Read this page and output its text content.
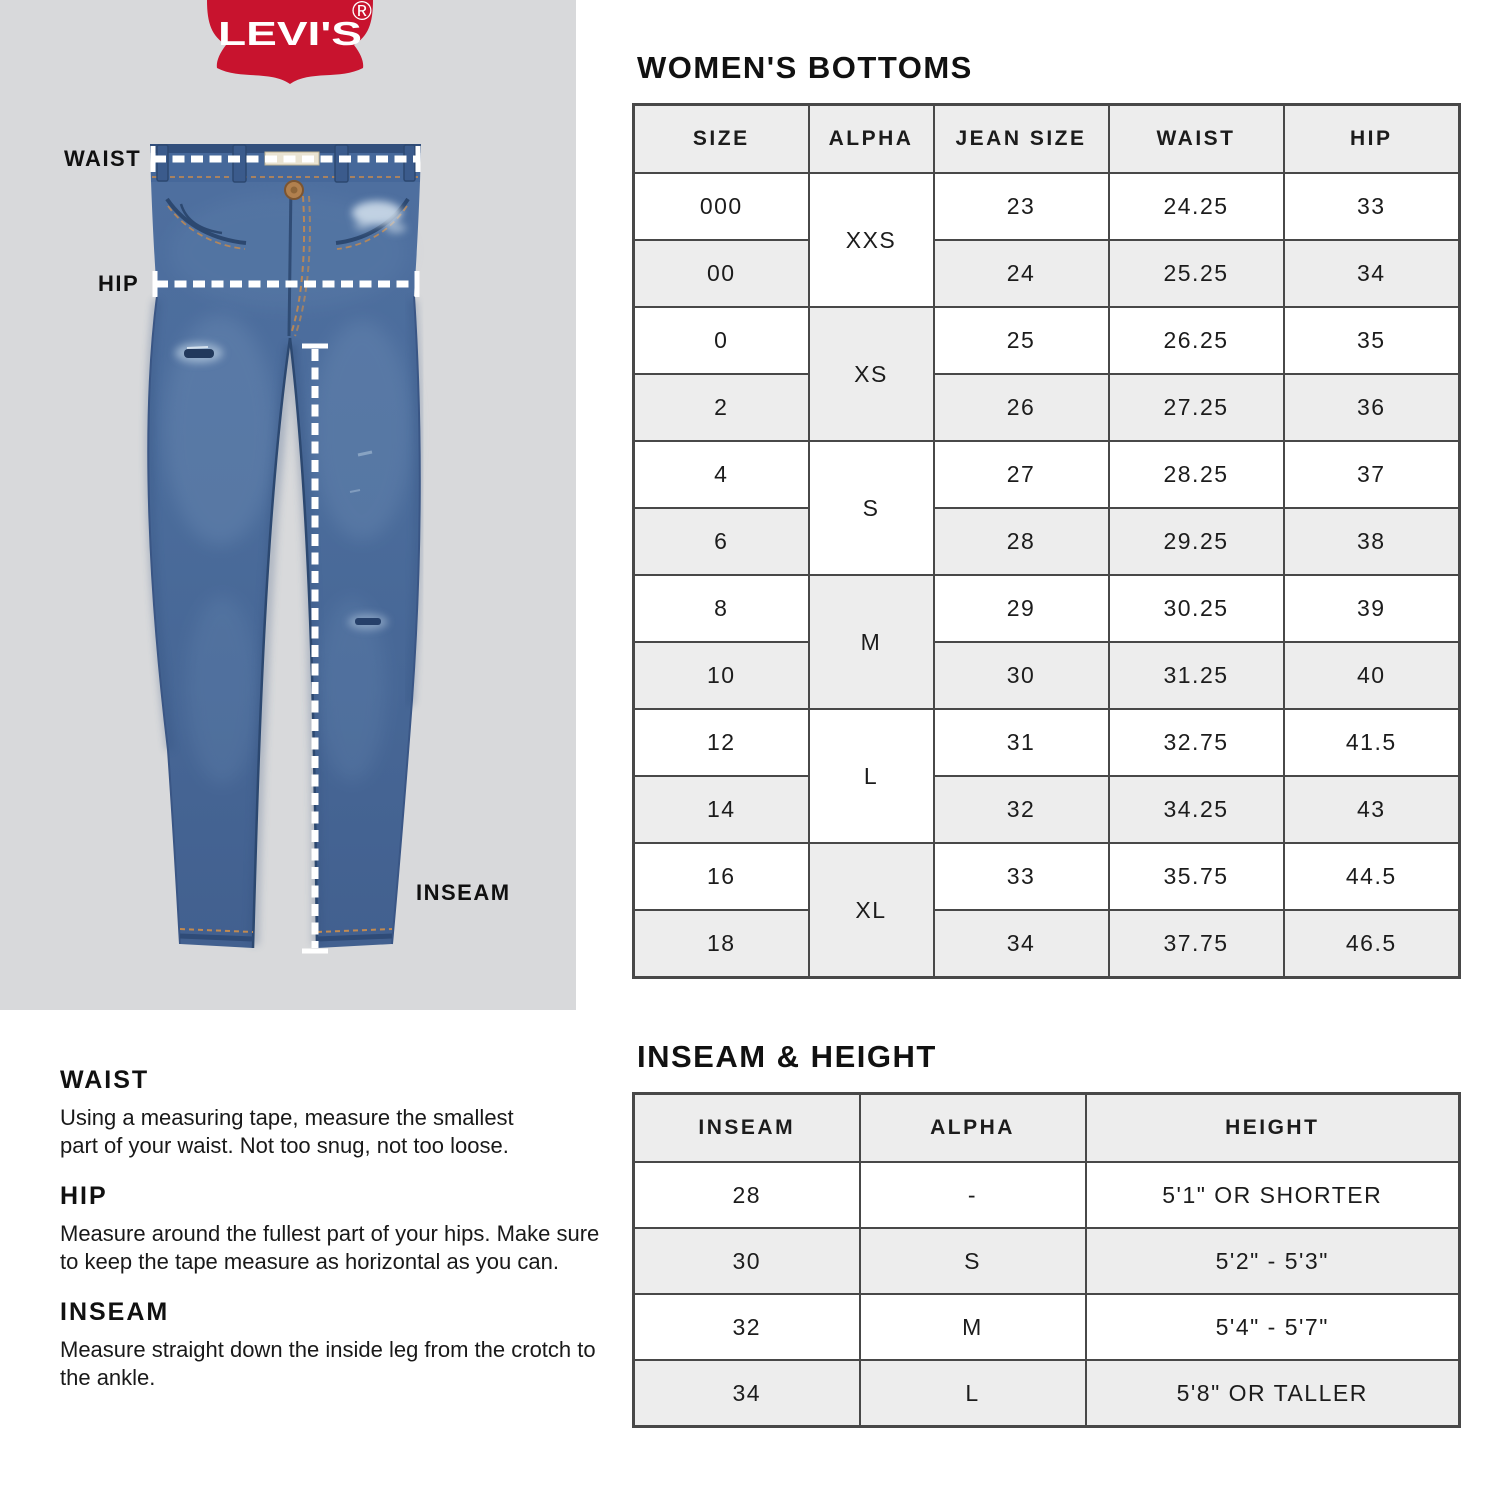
LEVI'S
®
WAIST
HIP
INSEAM
WAIST

Using a measuring tape, measure the smallest part of your waist. Not too snug, not too loose.

HIP

Measure around the fullest part of your hips. Make sure to keep the tape measure as horizontal as you can.

INSEAM

Measure straight down the inside leg from the crotch to the ankle.

WOMEN'S BOTTOMS
SIZE	ALPHA	JEAN SIZE	WAIST	HIP
000	XXS	23	24.25	33
00		24	25.25	34
0	XS	25	26.25	35
2		26	27.25	36
4	S	27	28.25	37
6		28	29.25	38
8	M	29	30.25	39
10		30	31.25	40
12	L	31	32.75	41.5
14		32	34.25	43
16	XL	33	35.75	44.5
18		34	37.75	46.5
INSEAM & HEIGHT
INSEAM	ALPHA	HEIGHT
28	-	5'1" OR SHORTER
30	S	5'2" - 5'3"
32	M	5'4" - 5'7"
34	L	5'8" OR TALLER
